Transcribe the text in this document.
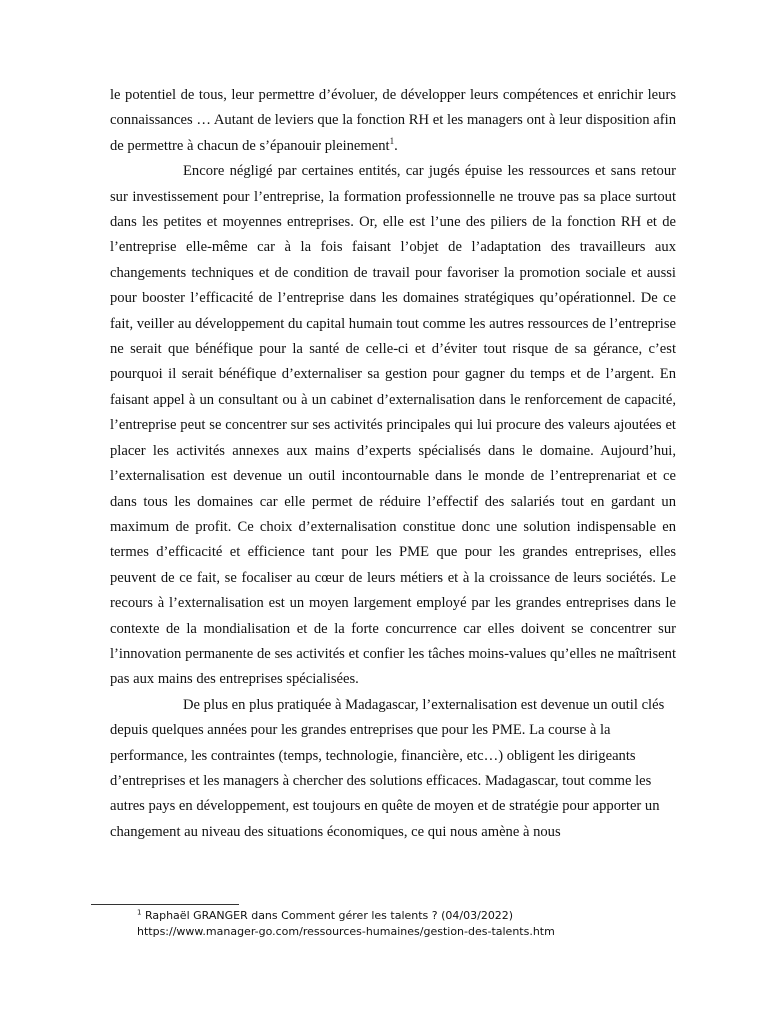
le potentiel de tous, leur permettre d’évoluer, de développer leurs compétences et enrichir leurs connaissances … Autant de leviers que la fonction RH et les managers ont à leur disposition afin de permettre à chacun de s’épanouir pleinement$^1$.

Encore négligé par certaines entités, car jugés épuise les ressources et sans retour sur investissement pour l’entreprise, la formation professionnelle ne trouve pas sa place surtout dans les petites et moyennes entreprises. Or, elle est l’une des piliers de la fonction RH et de l’entreprise elle-même car à la fois faisant l’objet de l’adaptation des travailleurs aux changements techniques et de condition de travail pour favoriser la promotion sociale et aussi pour booster l’efficacité de l’entreprise dans les domaines stratégiques qu’opérationnel. De ce fait, veiller au développement du capital humain tout comme les autres ressources de l’entreprise ne serait que bénéfique pour la santé de celle-ci et d’éviter tout risque de sa gérance, c’est pourquoi il serait bénéfique d’externaliser sa gestion pour gagner du temps et de l’argent. En faisant appel à un consultant ou à un cabinet d’externalisation dans le renforcement de capacité, l’entreprise peut se concentrer sur ses activités principales qui lui procure des valeurs ajoutées et placer les activités annexes aux mains d’experts spécialisés dans le domaine. Aujourd’hui, l’externalisation est devenue un outil incontournable dans le monde de l’entreprenariat et ce dans tous les domaines car elle permet de réduire l’effectif des salariés tout en gardant un maximum de profit. Ce choix d’externalisation constitue donc une solution indispensable en termes d’efficacité et efficience tant pour les PME que pour les grandes entreprises, elles peuvent de ce fait, se focaliser au cœur de leurs métiers et à la croissance de leurs sociétés. Le recours à l’externalisation est un moyen largement employé par les grandes entreprises dans le contexte de la mondialisation et de la forte concurrence car elles doivent se concentrer sur l’innovation permanente de ses activités et confier les tâches moins-values qu’elles ne maîtrisent pas aux mains des entreprises spécialisées.

De plus en plus pratiquée à Madagascar, l’externalisation est devenue un outil clés depuis quelques années pour les grandes entreprises que pour les PME. La course à la performance, les contraintes (temps, technologie, financière, etc…) obligent les dirigeants d’entreprises et les managers à chercher des solutions efficaces. Madagascar, tout comme les autres pays en développement, est toujours en quête de moyen et de stratégie pour apporter un changement au niveau des situations économiques, ce qui nous amène à nous

$^1$ Raphaël GRANGER dans Comment gérer les talents ? (04/03/2022)
https://www.manager-go.com/ressources-humaines/gestion-des-talents.htm
